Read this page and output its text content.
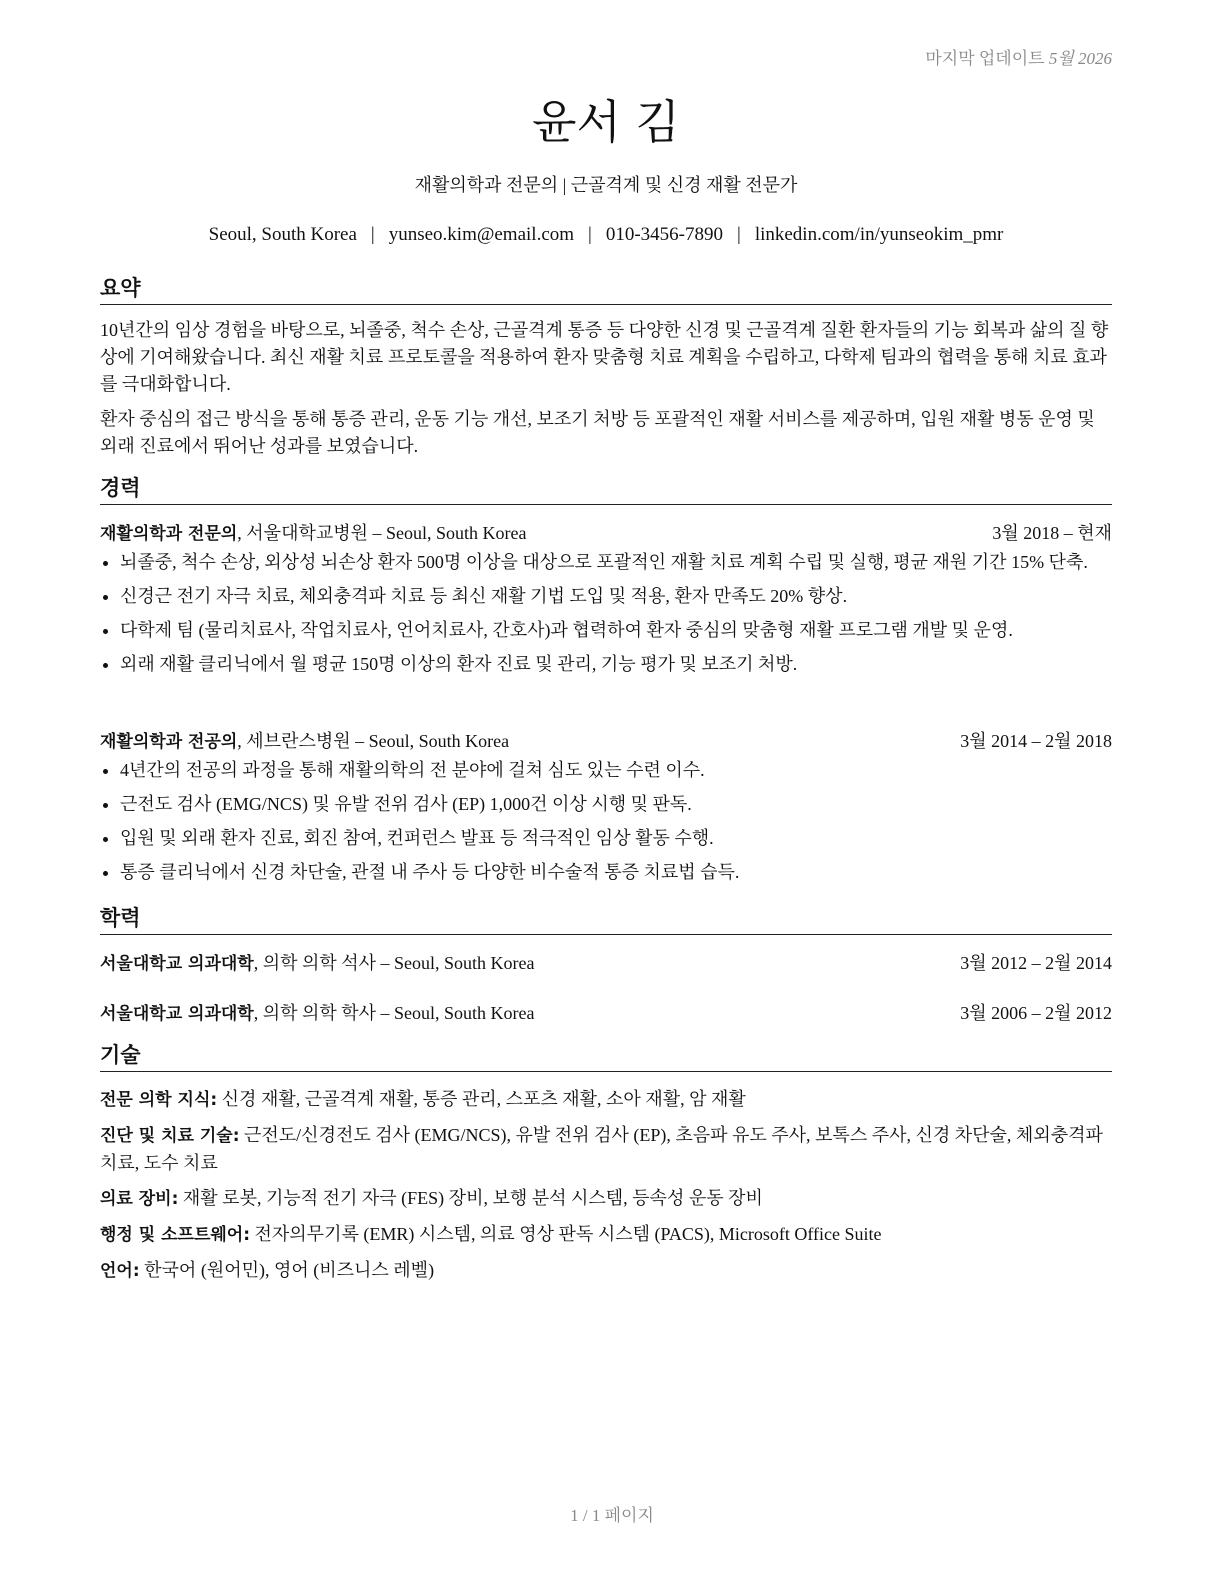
마지막 업데이트 5월 2026
윤서 김
재활의학과 전문의 | 근골격계 및 신경 재활 전문가
Seoul, South Korea | yunseo.kim@email.com | 010-3456-7890 | linkedin.com/in/yunseokim_pmr
요약

10년간의 임상 경험을 바탕으로, 뇌졸중, 척수 손상, 근골격계 통증 등 다양한 신경 및 근골격계 질환 환자들의 기능 회복과 삶의 질 향상에 기여해왔습니다. 최신 재활 치료 프로토콜을 적용하여 환자 맞춤형 치료 계획을 수립하고, 다학제 팀과의 협력을 통해 치료 효과를 극대화합니다.

환자 중심의 접근 방식을 통해 통증 관리, 운동 기능 개선, 보조기 처방 등 포괄적인 재활 서비스를 제공하며, 입원 재활 병동 운영 및 외래 진료에서 뛰어난 성과를 보였습니다.

경력
재활의학과 전문의, 서울대학교병원 – Seoul, South Korea	3월 2018 – 현재
• 뇌졸중, 척수 손상, 외상성 뇌손상 환자 500명 이상을 대상으로 포괄적인 재활 치료 계획 수립 및 실행, 평균 재원 기간 15% 단축.
• 신경근 전기 자극 치료, 체외충격파 치료 등 최신 재활 기법 도입 및 적용, 환자 만족도 20% 향상.
• 다학제 팀 (물리치료사, 작업치료사, 언어치료사, 간호사)과 협력하여 환자 중심의 맞춤형 재활 프로그램 개발 및 운영.
• 외래 재활 클리닉에서 월 평균 150명 이상의 환자 진료 및 관리, 기능 평가 및 보조기 처방.
재활의학과 전공의, 세브란스병원 – Seoul, South Korea	3월 2014 – 2월 2018
• 4년간의 전공의 과정을 통해 재활의학의 전 분야에 걸쳐 심도 있는 수련 이수.
• 근전도 검사 (EMG/NCS) 및 유발 전위 검사 (EP) 1,000건 이상 시행 및 판독.
• 입원 및 외래 환자 진료, 회진 참여, 컨퍼런스 발표 등 적극적인 임상 활동 수행.
• 통증 클리닉에서 신경 차단술, 관절 내 주사 등 다양한 비수술적 통증 치료법 습득.
학력
서울대학교 의과대학, 의학 의학 석사 – Seoul, South Korea	3월 2012 – 2월 2014
서울대학교 의과대학, 의학 의학 학사 – Seoul, South Korea	3월 2006 – 2월 2012
기술
전문 의학 지식: 신경 재활, 근골격계 재활, 통증 관리, 스포츠 재활, 소아 재활, 암 재활
진단 및 치료 기술: 근전도/신경전도 검사 (EMG/NCS), 유발 전위 검사 (EP), 초음파 유도 주사, 보톡스 주사, 신경 차단술, 체외충격파 치료, 도수 치료
의료 장비: 재활 로봇, 기능적 전기 자극 (FES) 장비, 보행 분석 시스템, 등속성 운동 장비
행정 및 소프트웨어: 전자의무기록 (EMR) 시스템, 의료 영상 판독 시스템 (PACS), Microsoft Office Suite
언어: 한국어 (원어민), 영어 (비즈니스 레벨)
1 / 1 페이지
